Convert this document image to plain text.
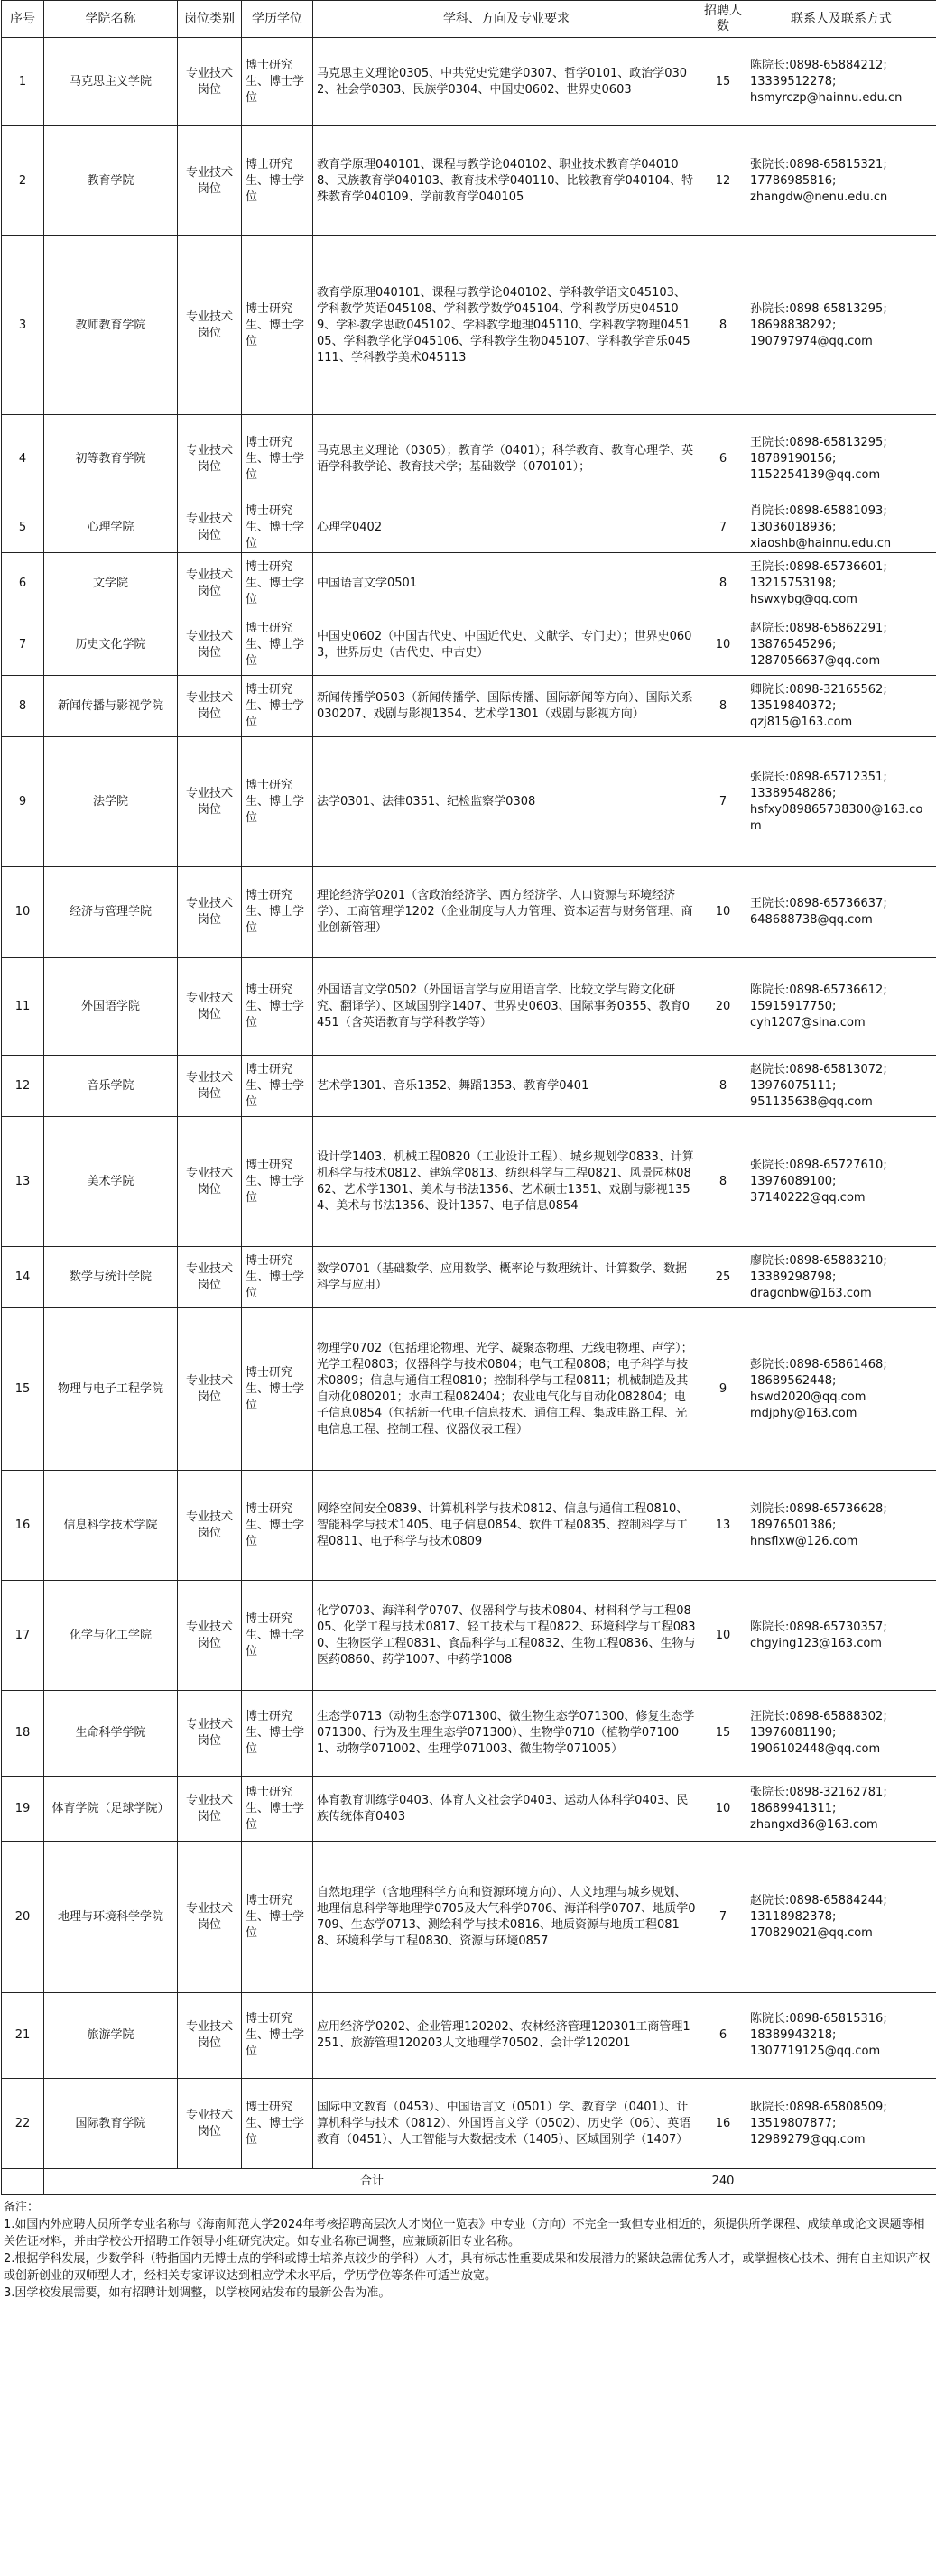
序号	学院名称	岗位类别	学历学位	学科、方向及专业要求	招聘人数	联系人及联系方式
1	马克思主义学院	专业技术岗位	博士研究生、博士学位	马克思主义理论0305、中共党史党建学0307、哲学0101、政治学0302、社会学0303、民族学0304、中国史0602、世界史0603	15	陈院长:0898-65884212;
13339512278;
hsmyrczp@hainnu.edu.cn

2	教育学院	专业技术岗位	博士研究生、博士学位	教育学原理040101、课程与教学论040102、职业技术教育学040108、民族教育学040103、教育技术学040110、比较教育学040104、特殊教育学040109、学前教育学040105	12	张院长:0898-65815321;
17786985816;
zhangdw@nenu.edu.cn

3	教师教育学院	专业技术岗位	博士研究生、博士学位	教育学原理040101、课程与教学论040102、学科教学语文045103、学科教学英语045108、学科教学数学045104、学科教学历史045109、学科教学思政045102、学科教学地理045110、学科教学物理045105、学科教学化学045106、学科教学生物045107、学科教学音乐045111、学科教学美术045113	8	孙院长:0898-65813295;
18698838292;
190797974@qq.com

4	初等教育学院	专业技术岗位	博士研究生、博士学位	马克思主义理论（0305）；教育学（0401）；科学教育、教育心理学、英语学科教学论、教育技术学；基础数学（070101）；	6	王院长:0898-65813295;
18789190156;
1152254139@qq.com

5	心理学院	专业技术岗位	博士研究生、博士学位	心理学0402	7	肖院长:0898-65881093;
13036018936;
xiaoshb@hainnu.edu.cn

6	文学院	专业技术岗位	博士研究生、博士学位	中国语言文学0501	8	王院长:0898-65736601;
13215753198;
hswxybg@qq.com

7	历史文化学院	专业技术岗位	博士研究生、博士学位	中国史0602（中国古代史、中国近代史、文献学、专门史）；世界史0603，世界历史（古代史、中古史）	10	赵院长:0898-65862291;
13876545296;
1287056637@qq.com

8	新闻传播与影视学院	专业技术岗位	博士研究生、博士学位	新闻传播学0503（新闻传播学、国际传播、国际新闻等方向）、国际关系030207、戏剧与影视1354、艺术学1301（戏剧与影视方向）	8	卿院长:0898-32165562;
13519840372;
qzj815@163.com

9	法学院	专业技术岗位	博士研究生、博士学位	法学0301、法律0351、纪检监察学0308	7	张院长:0898-65712351;
13389548286;
hsfxy089865738300@163.com

10	经济与管理学院	专业技术岗位	博士研究生、博士学位	理论经济学0201（含政治经济学、西方经济学、人口资源与环境经济学）、工商管理学1202（企业制度与人力管理、资本运营与财务管理、商业创新管理）	10	王院长:0898-65736637;
648688738@qq.com

11	外国语学院	专业技术岗位	博士研究生、博士学位	外国语言文学0502（外国语言学与应用语言学、比较文学与跨文化研究、翻译学）、区域国别学1407、世界史0603、国际事务0355、教育0451（含英语教育与学科教学等）	20	陈院长:0898-65736612;
15915917750;
cyh1207@sina.com

12	音乐学院	专业技术岗位	博士研究生、博士学位	艺术学1301、音乐1352、舞蹈1353、教育学0401	8	赵院长:0898-65813072;
13976075111;
951135638@qq.com

13	美术学院	专业技术岗位	博士研究生、博士学位	设计学1403、机械工程0820（工业设计工程）、城乡规划学0833、计算机科学与技术0812、建筑学0813、纺织科学与工程0821、风景园林0862、艺术学1301、美术与书法1356、艺术硕士1351、戏剧与影视1354、美术与书法1356、设计1357、电子信息0854	8	张院长:0898-65727610;
13976089100;
37140222@qq.com

14	数学与统计学院	专业技术岗位	博士研究生、博士学位	数学0701（基础数学、应用数学、概率论与数理统计、计算数学、数据科学与应用）	25	廖院长:0898-65883210;
13389298798;
dragonbw@163.com

15	物理与电子工程学院	专业技术岗位	博士研究生、博士学位	物理学0702（包括理论物理、光学、凝聚态物理、无线电物理、声学）；光学工程0803；仪器科学与技术0804；电气工程0808；电子科学与技术0809；信息与通信工程0810；控制科学与工程0811；机械制造及其自动化080201；水声工程082404；农业电气化与自动化082804；电子信息0854（包括新一代电子信息技术、通信工程、集成电路工程、光电信息工程、控制工程、仪器仪表工程）	9	彭院长:0898-65861468;
18689562448;
hswd2020@qq.com
mdjphy@163.com

16	信息科学技术学院	专业技术岗位	博士研究生、博士学位	网络空间安全0839、计算机科学与技术0812、信息与通信工程0810、智能科学与技术1405、电子信息0854、软件工程0835、控制科学与工程0811、电子科学与技术0809	13	刘院长:0898-65736628;
18976501386;
hnsflxw@126.com

17	化学与化工学院	专业技术岗位	博士研究生、博士学位	化学0703、海洋科学0707、仪器科学与技术0804、材料科学与工程0805、化学工程与技术0817、轻工技术与工程0822、环境科学与工程0830、生物医学工程0831、食品科学与工程0832、生物工程0836、生物与医药0860、药学1007、中药学1008	10	陈院长:0898-65730357;
chgying123@163.com

18	生命科学学院	专业技术岗位	博士研究生、博士学位	生态学0713（动物生态学071300、微生物生态学071300、修复生态学071300、行为及生理生态学071300）、生物学0710（植物学071001、动物学071002、生理学071003、微生物学071005）	15	汪院长:0898-65888302;
13976081190;
1906102448@qq.com

19	体育学院（足球学院）	专业技术岗位	博士研究生、博士学位	体育教育训练学0403、体育人文社会学0403、运动人体科学0403、民族传统体育0403	10	张院长:0898-32162781;
18689941311;
zhangxd36@163.com

20	地理与环境科学学院	专业技术岗位	博士研究生、博士学位	自然地理学（含地理科学方向和资源环境方向）、人文地理与城乡规划、地理信息科学等地理学0705及大气科学0706、海洋科学0707、地质学0709、生态学0713、测绘科学与技术0816、地质资源与地质工程0818、环境科学与工程0830、资源与环境0857	7	赵院长:0898-65884244;
13118982378;
170829021@qq.com

21	旅游学院	专业技术岗位	博士研究生、博士学位	应用经济学0202、企业管理120202、农林经济管理120301工商管理1251、旅游管理120203人文地理学70502、会计学120201	6	陈院长:0898-65815316;
18389943218;
1307719125@qq.com

22	国际教育学院	专业技术岗位	博士研究生、博士学位	国际中文教育（0453）、中国语言文（0501）学、教育学（0401）、计算机科学与技术（0812）、外国语言文学（0502）、历史学（06）、英语教育（0451）、人工智能与大数据技术（1405）、区域国别学（1407）	16	耿院长:0898-65808509;
13519807877;
12989279@qq.com

	合计				240	
备注：
1.如国内外应聘人员所学专业名称与《海南师范大学2024年考核招聘高层次人才岗位一览表》中专业（方向）不完全一致但专业相近的，须提供所学课程、成绩单或论文课题等相关佐证材料，并由学校公开招聘工作领导小组研究决定。如专业名称已调整，应兼顾新旧专业名称。
2.根据学科发展，少数学科（特指国内无博士点的学科或博士培养点较少的学科）人才，具有标志性重要成果和发展潜力的紧缺急需优秀人才，或掌握核心技术、拥有自主知识产权或创新创业的双师型人才，经相关专家评议达到相应学术水平后，学历学位等条件可适当放宽。
3.因学校发展需要，如有招聘计划调整，以学校网站发布的最新公告为准。
